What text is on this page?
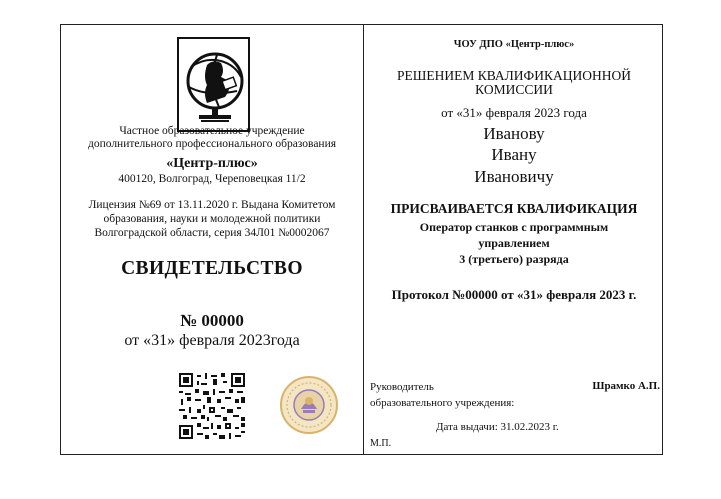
Частное образовательное учреждение
дополнительного профессионального образования
«Центр-плюс»
400120, Волгоград, Череповецкая 11/2
Лицензия №69 от 13.11.2020 г. Выдана Комитетом
образования, науки и молодежной политики
Волгоградской области, серия 34Л01 №0002067
СВИДЕТЕЛЬСТВО
№ 00000
от «31» февраля 2023года
ЧОУ ДПО «Центр-плюс»
РЕШЕНИЕМ КВАЛИФИКАЦИОННОЙ
КОМИССИИ
от «31» февраля 2023 года
Иванову
Ивану
Ивановичу
ПРИСВАИВАЕТСЯ КВАЛИФИКАЦИЯ
Оператор станков с программным
управлением
3 (третьего) разряда
Протокол №00000 от «31» февраля 2023 г.
Руководитель
образовательного учреждения:
Шрамко А.П.
Дата выдачи: 31.02.2023 г.
М.П.
